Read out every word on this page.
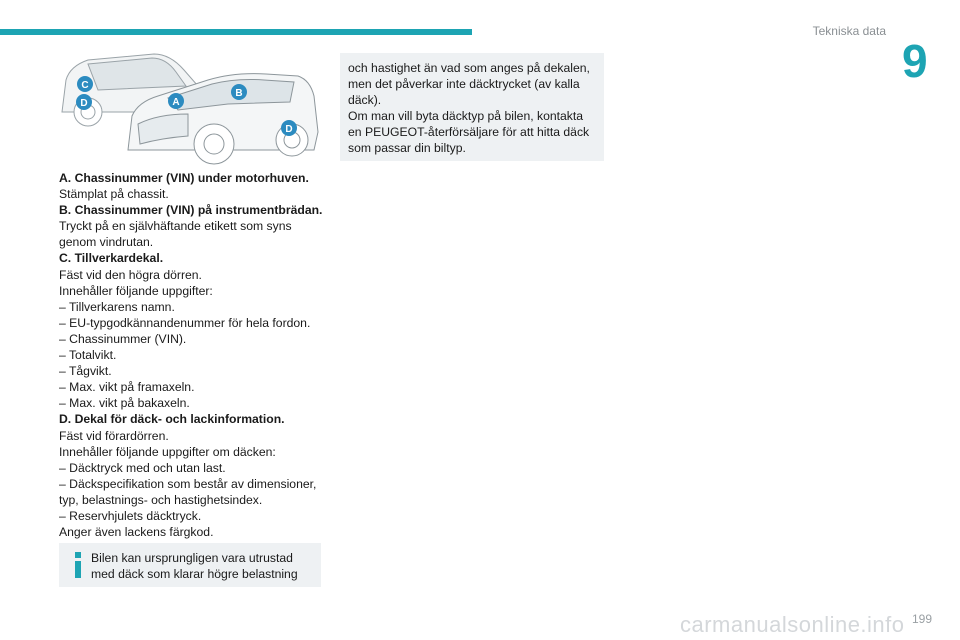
Tekniska data
9
C
D	A
B
D
A. Chassinummer (VIN) under motorhuven.
Stämplat på chassit.
B. Chassinummer (VIN) på instrumentbrädan.
Tryckt på en självhäftande etikett som syns
genom vindrutan.
C. Tillverkardekal.
Fäst vid den högra dörren.
Innehåller följande uppgifter:
– Tillverkarens namn.
– EU-typgodkännandenummer för hela fordon.
– Chassinummer (VIN).
– Totalvikt.
– Tågvikt.
– Max. vikt på framaxeln.
– Max. vikt på bakaxeln.
D. Dekal för däck- och lackinformation.
Fäst vid förardörren.
Innehåller följande uppgifter om däcken:
– Däcktryck med och utan last.
– Däckspecifikation som består av dimensioner,
typ, belastnings- och hastighetsindex.
– Reservhjulets däcktryck.
Anger även lackens färgkod.
Bilen kan ursprungligen vara utrustad
med däck som klarar högre belastning
och hastighet än vad som anges på dekalen,
men det påverkar inte däcktrycket (av kalla
däck).
Om man vill byta däcktyp på bilen, kontakta
en PEUGEOT-återförsäljare för att hitta däck
som passar din biltyp.
carmanualsonline.info 199
